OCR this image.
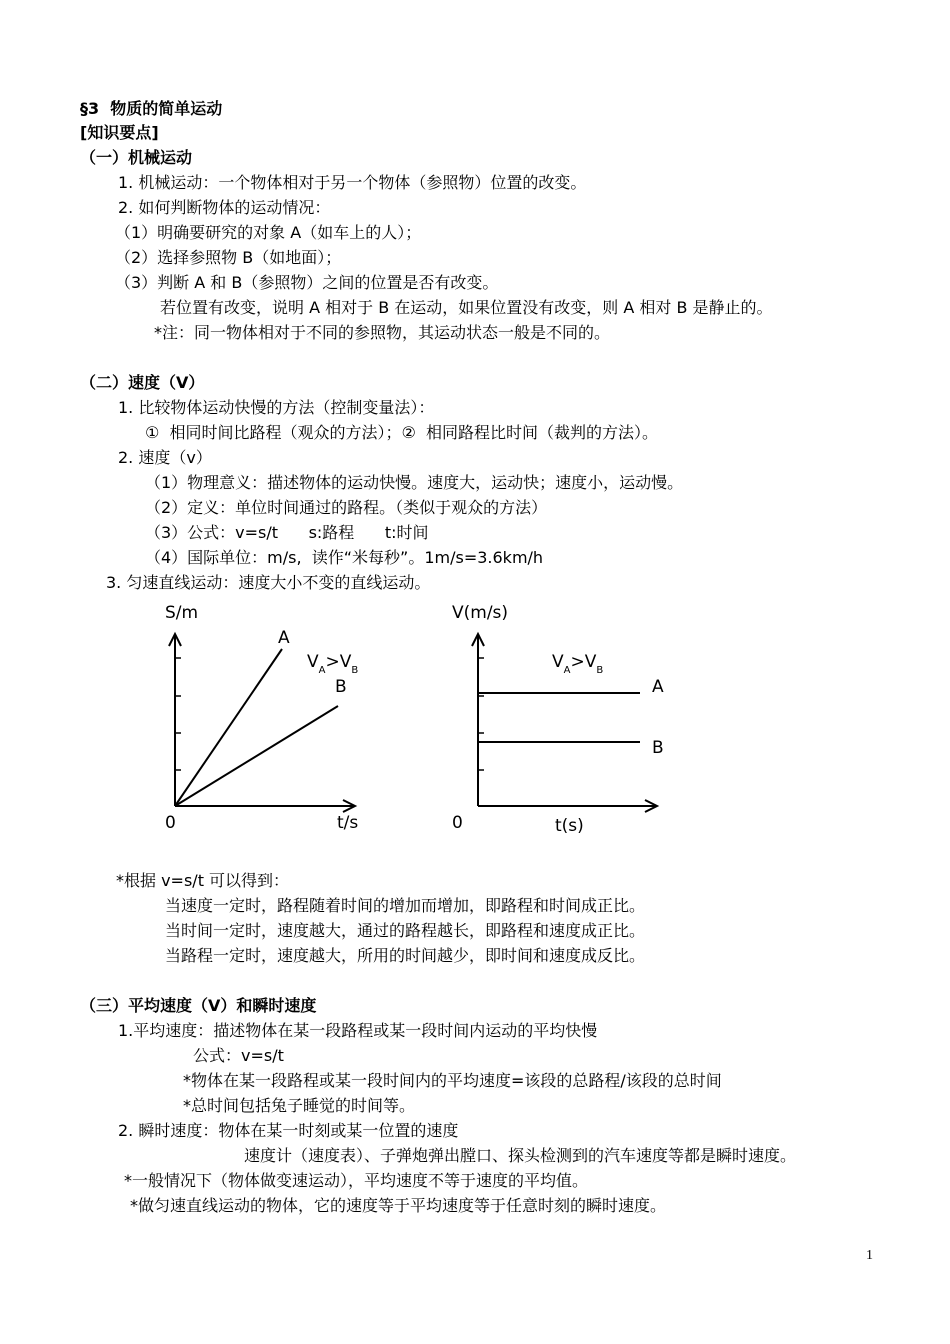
§3  物质的简单运动
[知识要点]
（一）机械运动
1. 机械运动：一个物体相对于另一个物体（参照物）位置的改变。
2. 如何判断物体的运动情况：
（1）明确要研究的对象 A（如车上的人）；
（2）选择参照物 B（如地面）；
（3）判断 A 和 B（参照物）之间的位置是否有改变。
若位置有改变，说明 A 相对于 B 在运动，如果位置没有改变，则 A 相对 B 是静止的。
*注：同一物体相对于不同的参照物，其运动状态一般是不同的。
（二）速度（V）
1. 比较物体运动快慢的方法（控制变量法）：
①  相同时间比路程（观众的方法）；②  相同路程比时间（裁判的方法）。
2. 速度（v）
（1）物理意义：描述物体的运动快慢。速度大，运动快；速度小，运动慢。
（2）定义：单位时间通过的路程。（类似于观众的方法）
（3）公式：v=s/t      s:路程      t:时间
（4）国际单位：m/s,  读作“米每秒”。1m/s=3.6km/h
3. 匀速直线运动：速度大小不变的直线运动。
S/m
A
B
$V_A>V_B$
0	t/s
V(m/s)
A
B
$V_A>V_B$
0	t(s)
*根据 v=s/t 可以得到：
当速度一定时，路程随着时间的增加而增加，即路程和时间成正比。
当时间一定时，速度越大，通过的路程越长，即路程和速度成正比。
当路程一定时，速度越大，所用的时间越少，即时间和速度成反比。
（三）平均速度（V）和瞬时速度
1.平均速度：描述物体在某一段路程或某一段时间内运动的平均快慢
公式：v=s/t
*物体在某一段路程或某一段时间内的平均速度=该段的总路程/该段的总时间
*总时间包括兔子睡觉的时间等。
2. 瞬时速度：物体在某一时刻或某一位置的速度
速度计（速度表）、子弹炮弹出膛口、探头检测到的汽车速度等都是瞬时速度。
*一般情况下（物体做变速运动），平均速度不等于速度的平均值。
*做匀速直线运动的物体，它的速度等于平均速度等于任意时刻的瞬时速度。
1
